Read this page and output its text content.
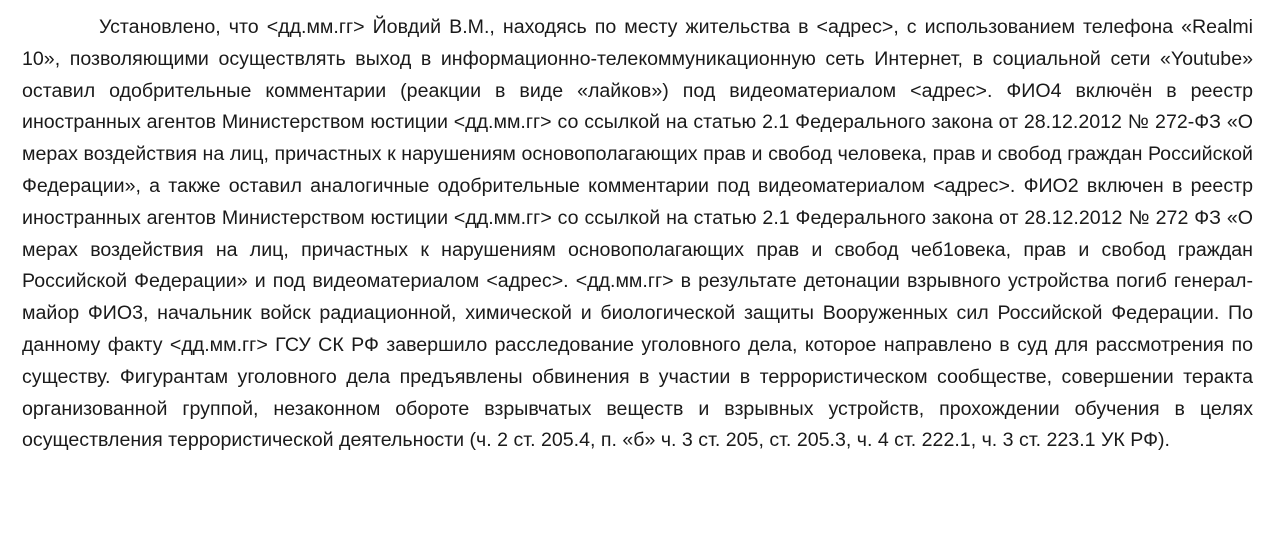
Установлено, что <дд.мм.гг> Йовдий В.М., находясь по месту жительства в <адрес>, с использованием телефона «Realmi 10», позволяющими осуществлять выход в информационно-телекоммуникационную сеть Интернет, в социальной сети «Youtube» оставил одобрительные комментарии (реакции в виде «лайков») под видеоматериалом <адрес>. ФИО4 включён в реестр иностранных агентов Министерством юстиции <дд.мм.гг> со ссылкой на статью 2.1 Федерального закона от 28.12.2012 № 272-ФЗ «О мерах воздействия на лиц, причастных к нарушениям основополагающих прав и свобод человека, прав и свобод граждан Российской Федерации», а также оставил аналогичные одобрительные комментарии под видеоматериалом <адрес>. ФИО2 включен в реестр иностранных агентов Министерством юстиции <дд.мм.гг> со ссылкой на статью 2.1 Федерального закона от 28.12.2012 № 272 ФЗ «О мерах воздействия на лиц, причастных к нарушениям основополагающих прав и свобод чеб1овека, прав и свобод граждан Российской Федерации» и под видеоматериалом <адрес>. <дд.мм.гг> в результате детонации взрывного устройства погиб генерал-майор ФИО3, начальник войск радиационной, химической и биологической защиты Вооруженных сил Российской Федерации. По данному факту <дд.мм.гг> ГСУ СК РФ завершило расследование уголовного дела, которое направлено в суд для рассмотрения по существу. Фигурантам уголовного дела предъявлены обвинения в участии в террористическом сообществе, совершении теракта организованной группой, незаконном обороте взрывчатых веществ и взрывных устройств, прохождении обучения в целях осуществления террористической деятельности (ч. 2 ст. 205.4, п. «б» ч. 3 ст. 205, ст. 205.3, ч. 4 ст. 222.1, ч. 3 ст. 223.1 УК РФ).
